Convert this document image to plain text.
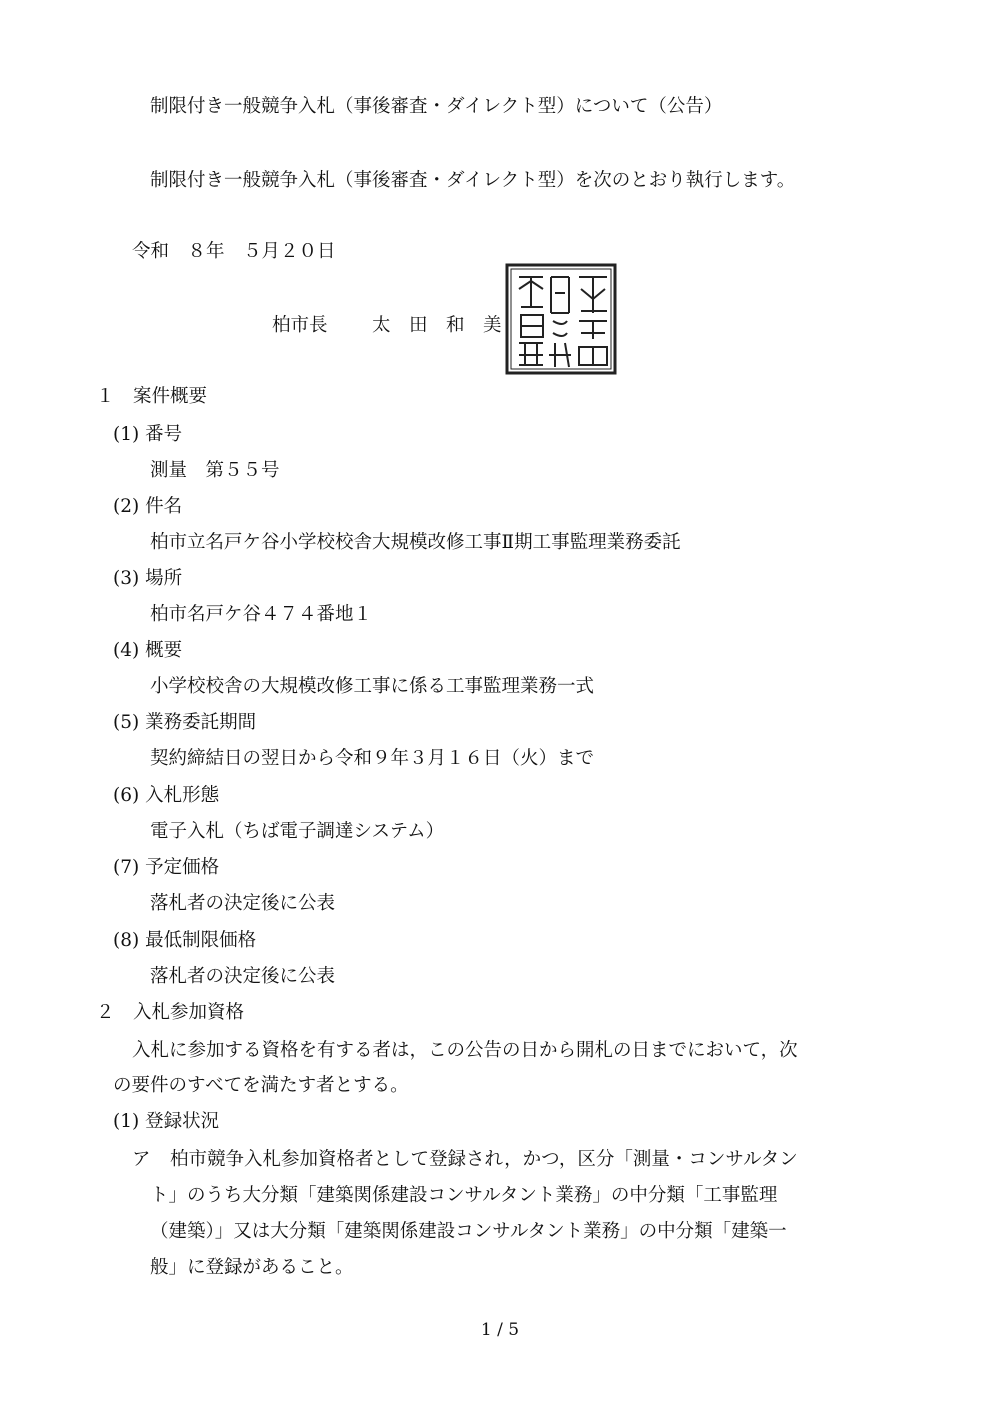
制限付き一般競争入札（事後審査・ダイレクト型）について（公告）
制限付き一般競争入札（事後審査・ダイレクト型）を次のとおり執行します。
令和　８年　５月２０日
柏市長 太　田　和　美
１　案件概要
(1) 番号
測量　第５５号
(2) 件名
柏市立名戸ケ谷小学校校舎大規模改修工事Ⅱ期工事監理業務委託
(3) 場所
柏市名戸ケ谷４７４番地１
(4) 概要
小学校校舎の大規模改修工事に係る工事監理業務一式
(5) 業務委託期間
契約締結日の翌日から令和９年３月１６日（火）まで
(6) 入札形態
電子入札（ちば電子調達システム）
(7) 予定価格
落札者の決定後に公表
(8) 最低制限価格
落札者の決定後に公表
２　入札参加資格
入札に参加する資格を有する者は，この公告の日から開札の日までにおいて，次
の要件のすべてを満たす者とする。
(1) 登録状況
ア 柏市競争入札参加資格者として登録され，かつ，区分「測量・コンサルタン
ト」のうち大分類「建築関係建設コンサルタント業務」の中分類「工事監理
（建築）」又は大分類「建築関係建設コンサルタント業務」の中分類「建築一
般」に登録があること。
1 / 5
